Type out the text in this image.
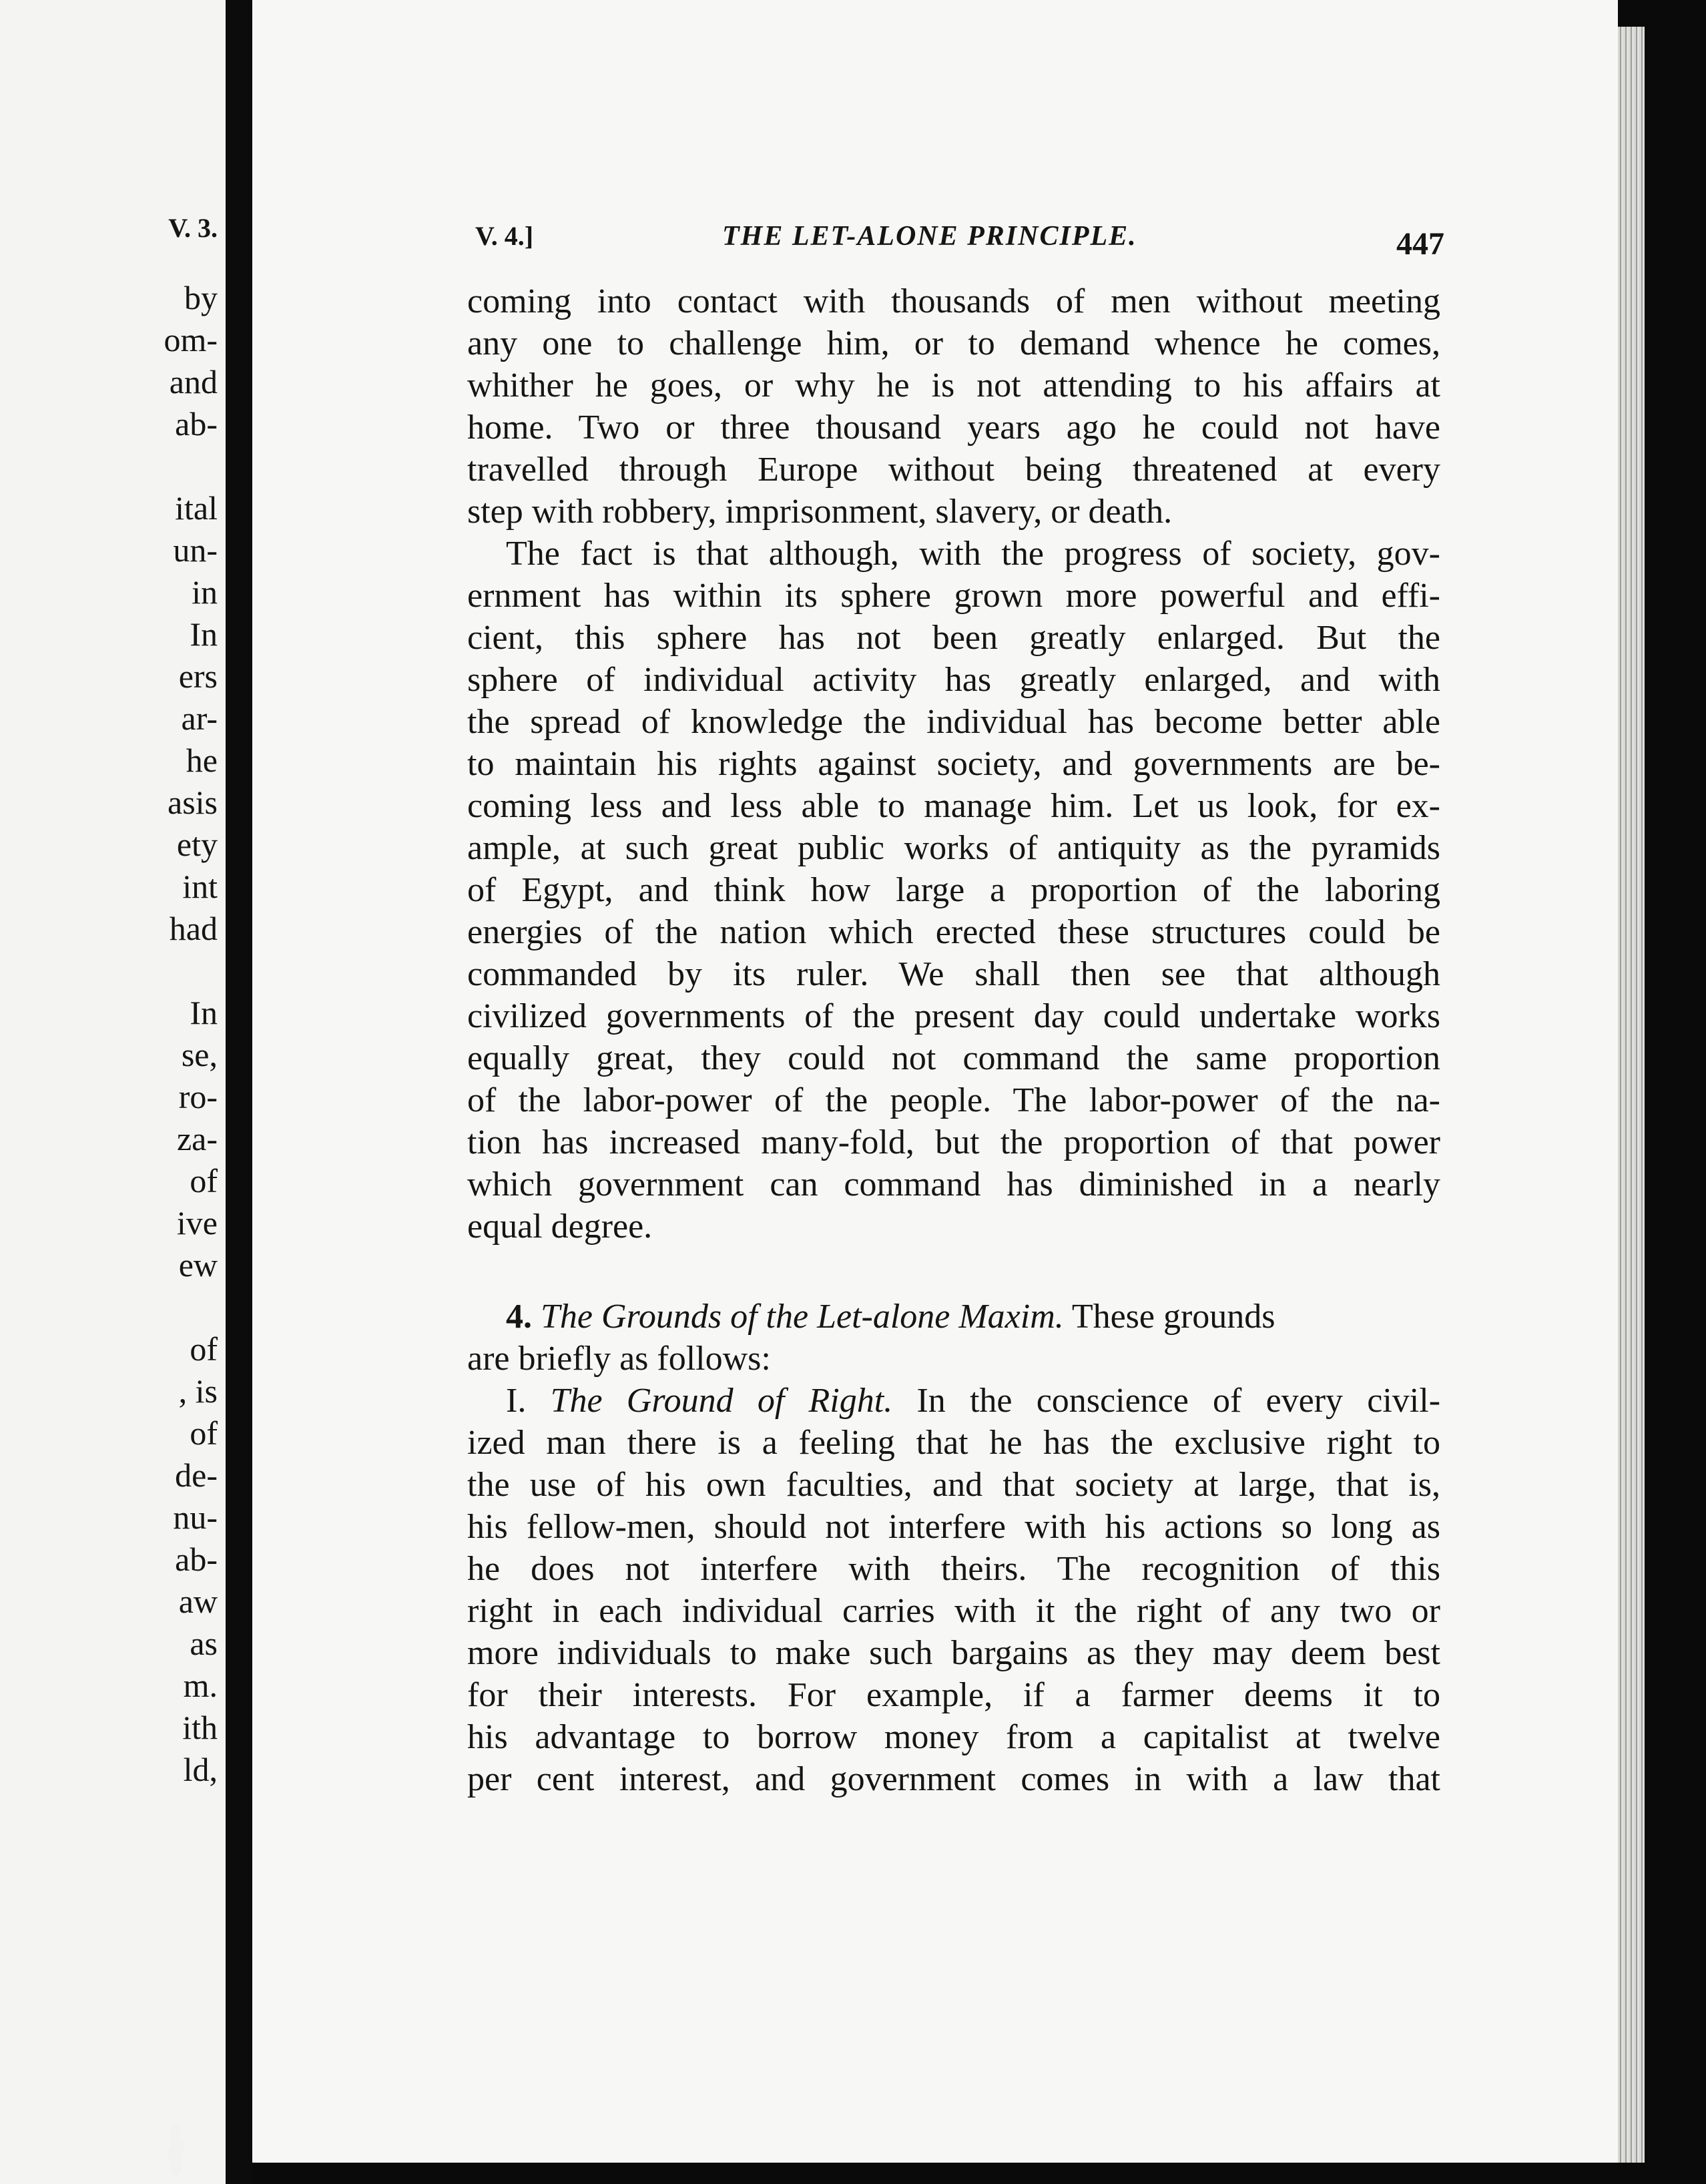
V. 3.
by
om-
and
ab-
ital
un-
in
In
ers
ar-
he
asis
ety
int
had
In
se,
ro-
za-
of
ive
ew
of
, is
of
de-
nu-
ab-
aw
as
m.
ith
ld,
V. 4.]	THE LET-ALONE PRINCIPLE.	447
coming into contact with thousands of men without meeting
any one to challenge him, or to demand whence he comes,
whither he goes, or why he is not attending to his affairs at
home. Two or three thousand years ago he could not have
travelled through Europe without being threatened at every
step with robbery, imprisonment, slavery, or death.
The fact is that although, with the progress of society, gov-
ernment has within its sphere grown more powerful and effi-
cient, this sphere has not been greatly enlarged. But the
sphere of individual activity has greatly enlarged, and with
the spread of knowledge the individual has become better able
to maintain his rights against society, and governments are be-
coming less and less able to manage him. Let us look, for ex-
ample, at such great public works of antiquity as the pyramids
of Egypt, and think how large a proportion of the laboring
energies of the nation which erected these structures could be
commanded by its ruler. We shall then see that although
civilized governments of the present day could undertake works
equally great, they could not command the same proportion
of the labor-power of the people. The labor-power of the na-
tion has increased many-fold, but the proportion of that power
which government can command has diminished in a nearly
equal degree.
4. The Grounds of the Let-alone Maxim. These grounds
are briefly as follows:
I. The Ground of Right. In the conscience of every civil-
ized man there is a feeling that he has the exclusive right to
the use of his own faculties, and that society at large, that is,
his fellow-men, should not interfere with his actions so long as
he does not interfere with theirs. The recognition of this
right in each individual carries with it the right of any two or
more individuals to make such bargains as they may deem best
for their interests. For example, if a farmer deems it to
his advantage to borrow money from a capitalist at twelve
per cent interest, and government comes in with a law that
